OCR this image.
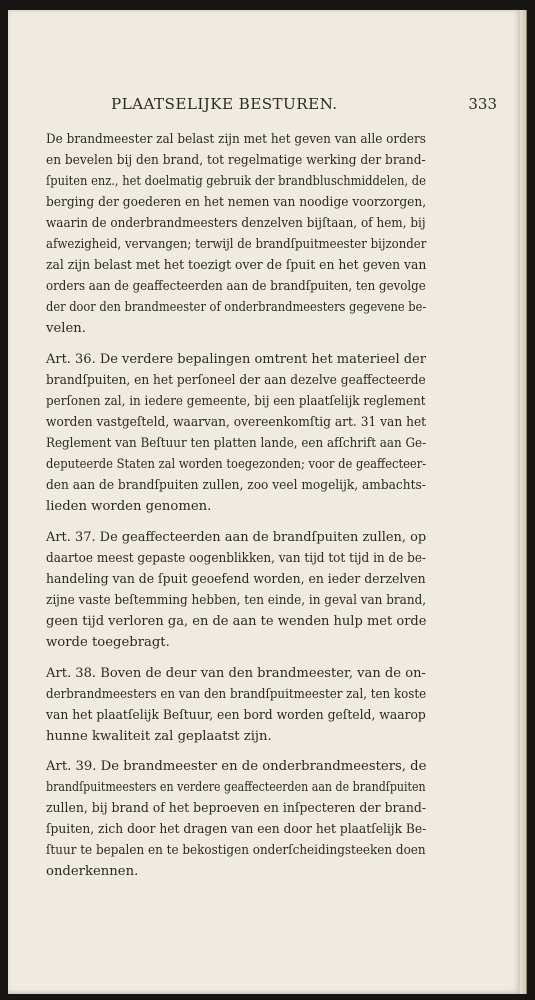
PLAATSELIJKE BESTUREN.	333
De brandmeester zal belast zijn met het geven van alle orders
en bevelen bij den brand, tot regelmatige werking der brand-
ſpuiten enz., het doelmatig gebruik der brandbluschmiddelen, de
berging der goederen en het nemen van noodige voorzorgen,
waarin de onderbrandmeesters denzelven bijſtaan, of hem, bij
afwezigheid, vervangen; terwijl de brandſpuitmeester bijzonder
zal zijn belast met het toezigt over de ſpuit en het geven van
orders aan de geaffecteerden aan de brandſpuiten, ten gevolge
der door den brandmeester of onderbrandmeesters gegevene be-
velen.
Art. 36. De verdere bepalingen omtrent het materieel der
brandſpuiten, en het perſoneel der aan dezelve geaffecteerde
perſonen zal, in iedere gemeente, bij een plaatſelijk reglement
worden vastgeſteld, waarvan, overeenkomſtig art. 31 van het
Reglement van Beſtuur ten platten lande, een afſchrift aan Ge-
deputeerde Staten zal worden toegezonden; voor de geaffecteer-
den aan de brandſpuiten zullen, zoo veel mogelijk, ambachts-
lieden worden genomen.
Art. 37. De geaffecteerden aan de brandſpuiten zullen, op
daartoe meest gepaste oogenblikken, van tijd tot tijd in de be-
handeling van de ſpuit geoefend worden, en ieder derzelven
zijne vaste beſtemming hebben, ten einde, in geval van brand,
geen tijd verloren ga, en de aan te wenden hulp met orde
worde toegebragt.
Art. 38. Boven de deur van den brandmeester, van de on-
derbrandmeesters en van den brandſpuitmeester zal, ten koste
van het plaatſelijk Beſtuur, een bord worden geſteld, waarop
hunne kwaliteit zal geplaatst zijn.
Art. 39. De brandmeester en de onderbrandmeesters, de
brandſpuitmeesters en verdere geaffecteerden aan de brandſpuiten
zullen, bij brand of het beproeven en inſpecteren der brand-
ſpuiten, zich door het dragen van een door het plaatſelijk Be-
ſtuur te bepalen en te bekostigen onderſcheidingsteeken doen
onderkennen.
